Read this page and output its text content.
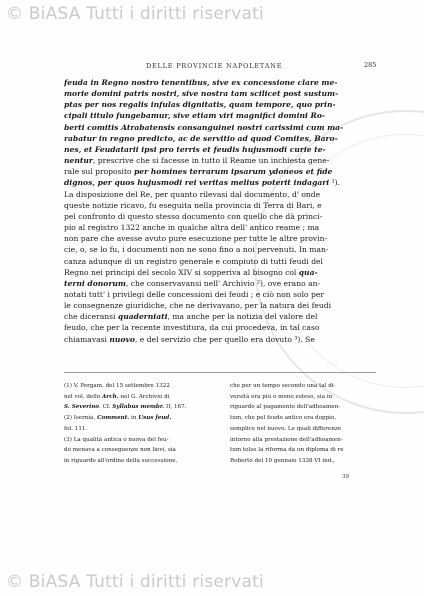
© BiASA Tutti i diritti riservati
DELLE PROVINCIE NAPOLETANE	285
feuda in Regno nostro tenentibus, sive ex concessione clare me-
morie domini patris nostri, sive nostra tam scilicet post sustum-
ptas per nos regalis infulas dignitatis, quam tempore, quo prin-
cipali titulo fungebamur, sive etiam viri magnifici domini Ro-
berti comitis Atrabatensis consanguinei nostri carissimi cum ma-
rabatur in regno predicto, ac de servitio ad quod Comites, Baro-
nes, et Feudatarii ipsi pro terris et feudis hujusmodi curie te-
nentur, prescrive che si facesse in tutto il Reame un inchiesta gene-
rale sul proposito per homines terrarum ipsarum ydoneos et fide
dignos, per quos hujusmodi rei veritas melius poterit indagari ¹).
La disposizione del Re, per quanto rilevasi dal documento, d' onde
queste notizie ricavo, fu eseguita nella provincia di Terra di Bari, e
pel confronto di questo stesso documento con quello che dà princi-
pio al registro 1322 anche in qualche altra dell' antico reame ; ma
non pare che avesse avuto pure esecuzione per tutte le altre provin-
cie, o, se lo fu, i documenti non ne sono fino a noi pervenuti. In man-
canza adunque di un registro generale e compiuto di tutti feudi del
Regno nei principi del secolo XIV si sopperiva al bisogno col qua-
terni donorum, che conservavansi nell' Archivio ²), ove erano an-
notati tutt' i privilegi delle concessioni dei feudi ; e ciò non solo per
le consegnenze giuridiche, che ne derivavano, per la natura dei feudi
che diceransi quaderniati, ma anche per la notizia del valore del
feudo, che per la recente investitura, da cui procedeva, in tal caso
chiamavasi nuovo, e del servizio che per quello era dovuto ³). Se
(1) V. Pergam. del 15 settembre 1322
nel vol. dello Arch. nel G. Archivio di
S. Severino. Cf. Syllabus membr. II, 167.
(2) Isernia, Comment. in Usus feud.
fol. 111.
(3) La qualità antica o nuova del feu-
do menava a conseguenze non lievi, sia
in riguardo all'ordine della successione,
che per un tempo secondo una tal di-
versità era più o meno esteso, sia in
riguardo al pagamento dell'adhoamen-
tum, che pel feudo antico era doppio,
semplice nel nuovo. Le quali differenze
intorno alla prestazione dell'adhoamen-
tum tolse la riforma da un diploma di re
Roberto del 10 gennaio 1338 VI ind.,
39
© BiASA Tutti i diritti riservati
